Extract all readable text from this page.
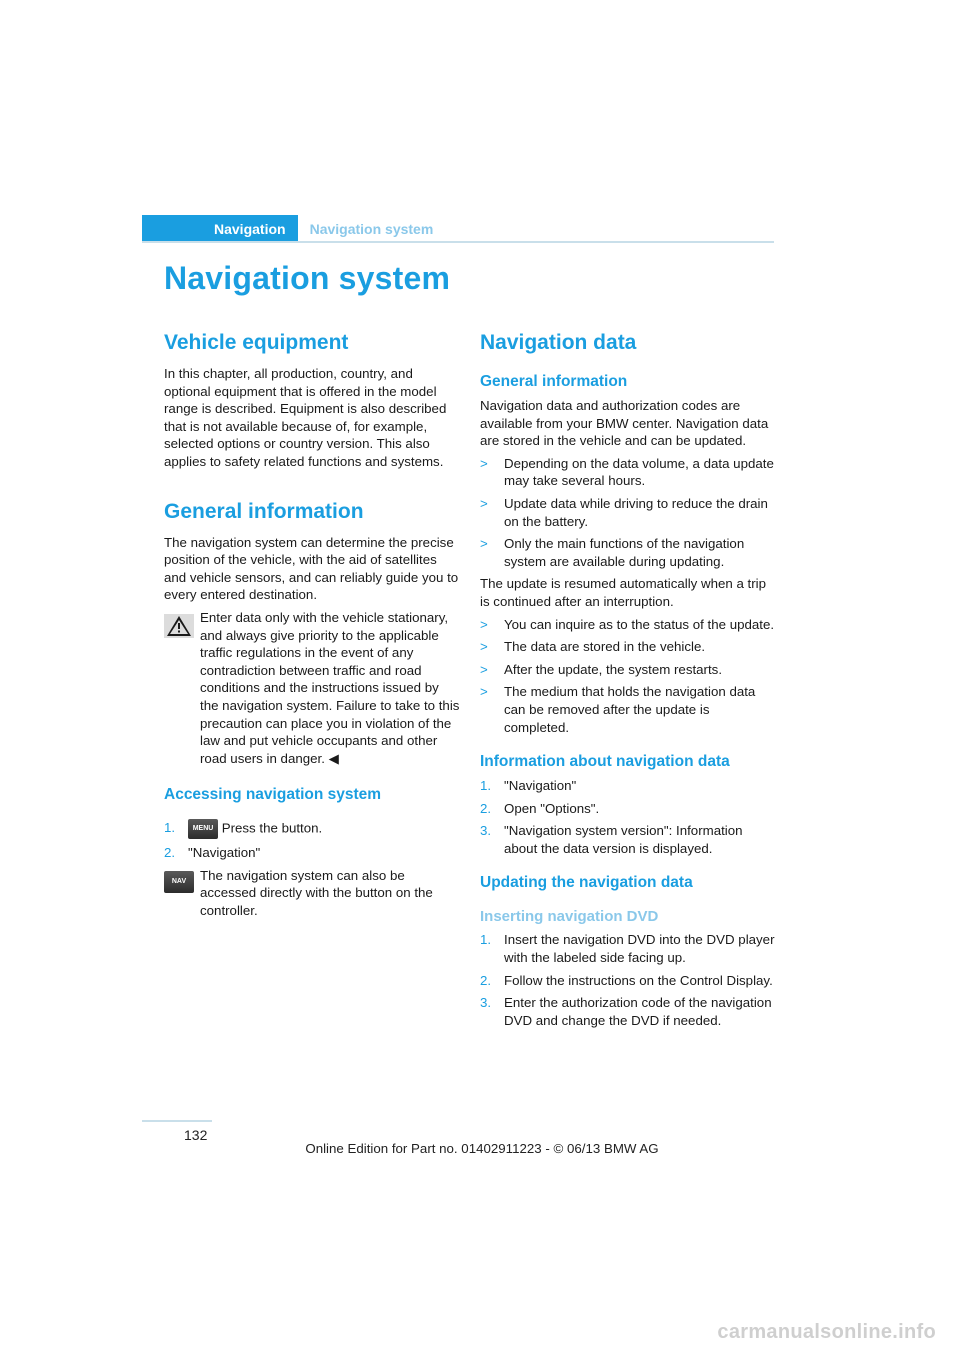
Navigation	Navigation system
Navigation system
Vehicle equipment

In this chapter, all production, country, and optional equipment that is offered in the model range is described. Equipment is also described that is not available because of, for example, selected options or country version. This also applies to safety related functions and systems.

General information

The navigation system can determine the precise position of the vehicle, with the aid of satellites and vehicle sensors, and can reliably guide you to every entered destination.

Enter data only with the vehicle stationary, and always give priority to the applicable traffic regulations in the event of any contradiction between traffic and road conditions and the instructions issued by the navigation system. Failure to take to this precaution can place you in violation of the law and put vehicle occupants and other road users in danger. ◀

Accessing navigation system
1.	MENU Press the button.
2. "Navigation"

NAV	The navigation system can also be accessed directly with the button on the controller.

Navigation data
General information

Navigation data and authorization codes are available from your BMW center. Navigation data are stored in the vehicle and can be updated.

>	Depending on the data volume, a data update may take several hours.
>	Update data while driving to reduce the drain on the battery.
>	Only the main functions of the navigation system are available during updating.

The update is resumed automatically when a trip is continued after an interruption.

>	You can inquire as to the status of the update.
>	The data are stored in the vehicle.
>	After the update, the system restarts.
>	The medium that holds the navigation data can be removed after the update is completed.
Information about navigation data
1. "Navigation"
2. Open "Options".
3. "Navigation system version": Information about the data version is displayed.
Updating the navigation data
Inserting navigation DVD
1. Insert the navigation DVD into the DVD player with the labeled side facing up.
2. Follow the instructions on the Control Display.
3. Enter the authorization code of the navigation DVD and change the DVD if needed.
132
Online Edition for Part no. 01402911223 - © 06/13 BMW AG
carmanualsonline.info
